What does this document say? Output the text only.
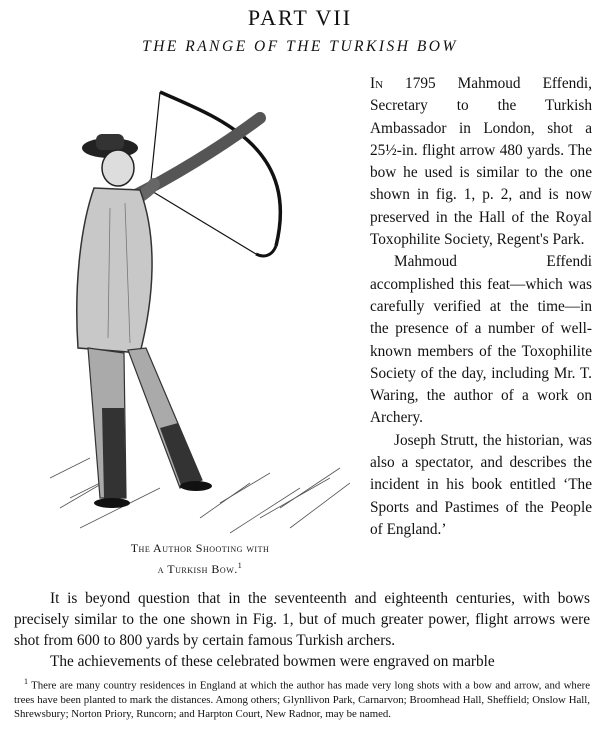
PART VII
THE RANGE OF THE TURKISH BOW
The Author Shooting with
a Turkish Bow.$^1$

In 1795 Mahmoud Effendi, Secretary to the Turkish Ambassador in London, shot a 25½-in. flight arrow 480 yards. The bow he used is similar to the one shown in fig. 1, p. 2, and is now preserved in the Hall of the Royal Toxophilite Society, Regent's Park.

Mahmoud Effendi accomplished this feat—which was carefully verified at the time—in the presence of a number of well-known members of the Toxophilite Society of the day, including Mr. T. Waring, the author of a work on Archery.

Joseph Strutt, the historian, was also a spectator, and describes the incident in his book entitled ‘The Sports and Pastimes of the People of England.’

It is beyond question that in the seventeenth and eighteenth centuries, with bows precisely similar to the one shown in Fig. 1, but of much greater power, flight arrows were shot from 600 to 800 yards by certain famous Turkish archers.

The achievements of these celebrated bowmen were engraved on marble

$^1$ There are many country residences in England at which the author has made very long shots with a bow and arrow, and where trees have been planted to mark the distances. Among others; Glynllivon Park, Carnarvon; Broomhead Hall, Sheffield; Onslow Hall, Shrewsbury; Norton Priory, Runcorn; and Harpton Court, New Radnor, may be named.
